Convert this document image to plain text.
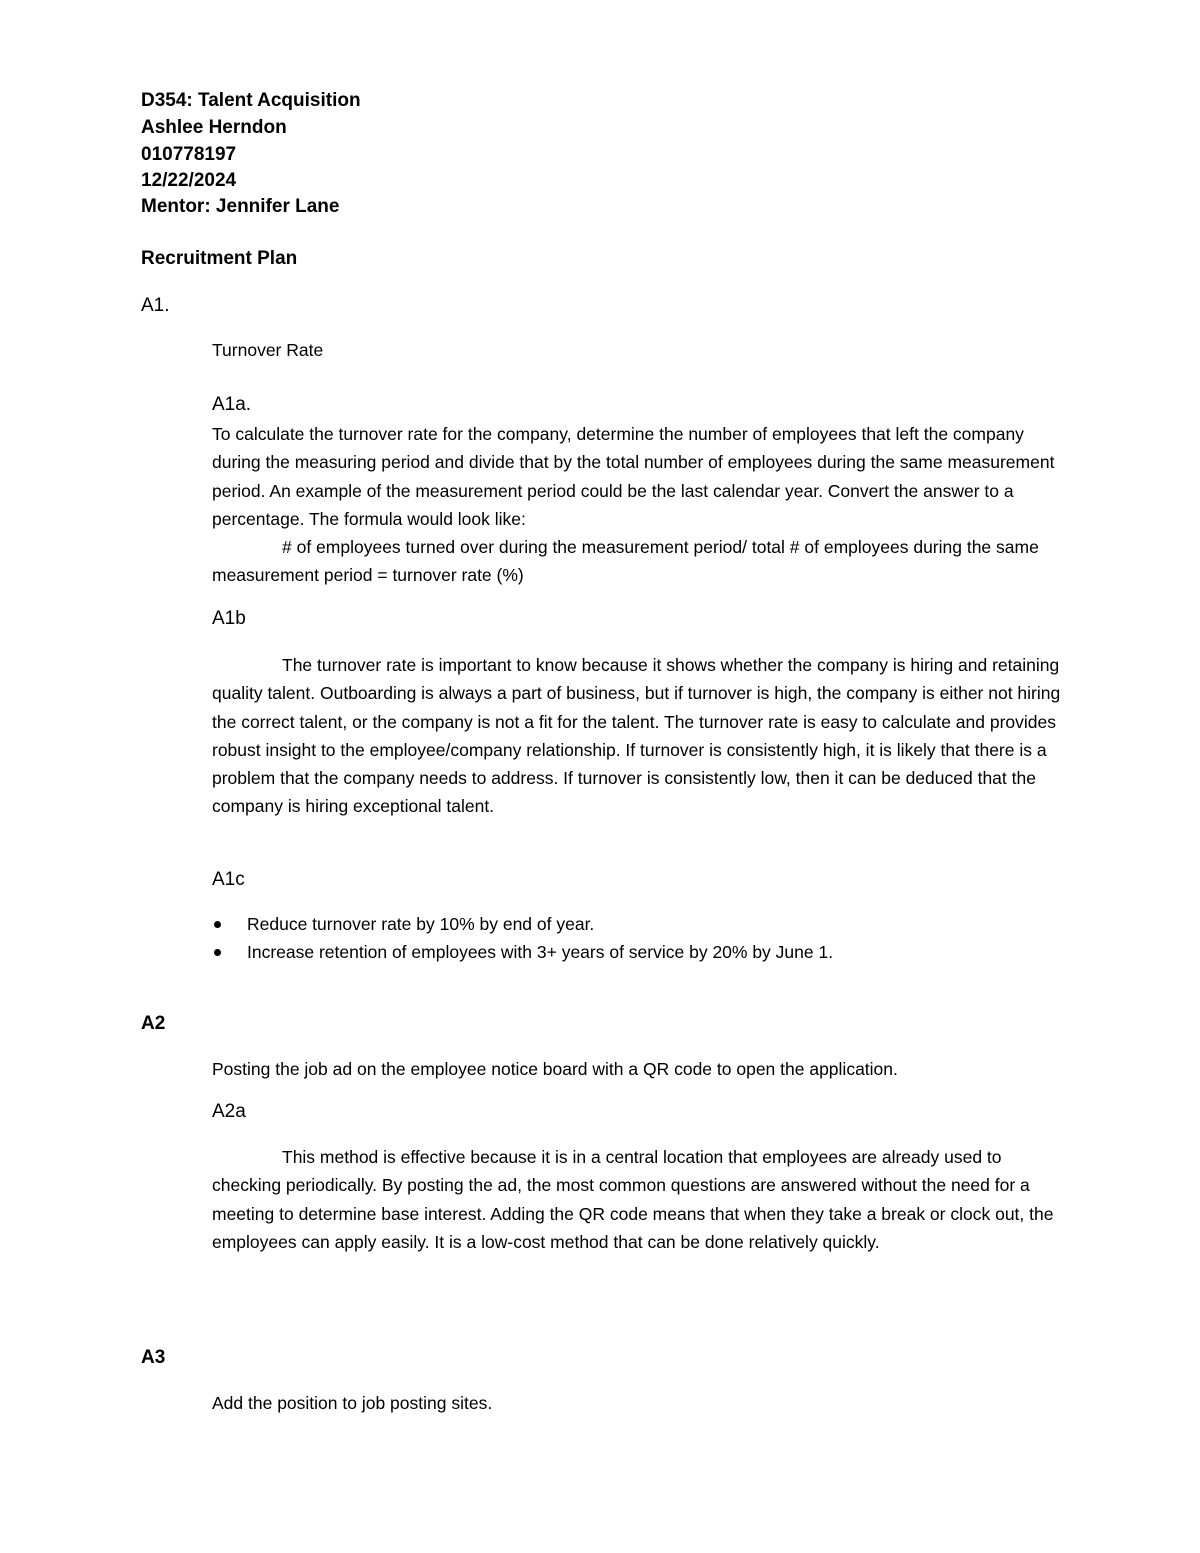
D354: Talent Acquisition
Ashlee Herndon
010778197
12/22/2024
Mentor: Jennifer Lane
Recruitment Plan
A1.
Turnover Rate
A1a.

To calculate the turnover rate for the company, determine the number of employees that left the company during the measuring period and divide that by the total number of employees during the same measurement period. An example of the measurement period could be the last calendar year. Convert the answer to a percentage. The formula would look like:

# of employees turned over during the measurement period/ total # of employees during the same measurement period = turnover rate (%)

A1b

The turnover rate is important to know because it shows whether the company is hiring and retaining quality talent. Outboarding is always a part of business, but if turnover is high, the company is either not hiring the correct talent, or the company is not a fit for the talent. The turnover rate is easy to calculate and provides robust insight to the employee/company relationship. If turnover is consistently high, it is likely that there is a problem that the company needs to address. If turnover is consistently low, then it can be deduced that the company is hiring exceptional talent.

A1c
Reduce turnover rate by 10% by end of year.
Increase retention of employees with 3+ years of service by 20% by June 1.
A2

Posting the job ad on the employee notice board with a QR code to open the application.

A2a

This method is effective because it is in a central location that employees are already used to checking periodically. By posting the ad, the most common questions are answered without the need for a meeting to determine base interest. Adding the QR code means that when they take a break or clock out, the employees can apply easily. It is a low-cost method that can be done relatively quickly.

A3

Add the position to job posting sites.
